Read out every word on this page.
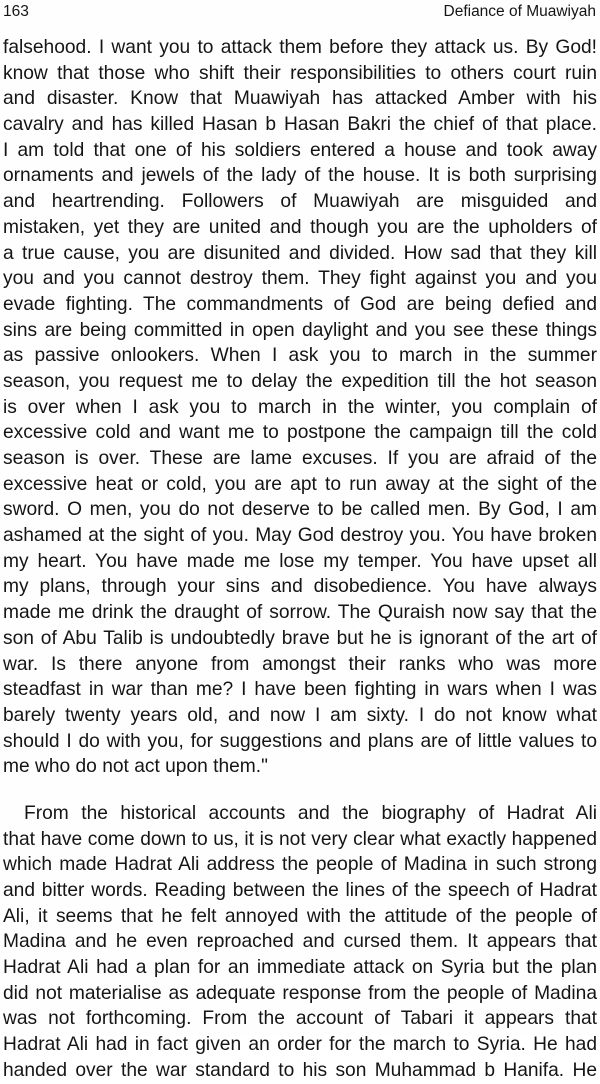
163	Defiance of Muawiyah
falsehood. I want you to attack them before they attack us. By God!
know that those who shift their responsibilities to others court ruin
and disaster. Know that Muawiyah has attacked Amber with his
cavalry and has killed Hasan b Hasan Bakri the chief of that place.
I am told that one of his soldiers entered a house and took away
ornaments and jewels of the lady of the house. It is both surprising
and heartrending. Followers of Muawiyah are misguided and
mistaken, yet they are united and though you are the upholders of
a true cause, you are disunited and divided. How sad that they kill
you and you cannot destroy them. They fight against you and you
evade fighting. The commandments of God are being defied and
sins are being committed in open daylight and you see these things
as passive onlookers. When I ask you to march in the summer
season, you request me to delay the expedition till the hot season
is over when I ask you to march in the winter, you complain of
excessive cold and want me to postpone the campaign till the cold
season is over. These are lame excuses. If you are afraid of the
excessive heat or cold, you are apt to run away at the sight of the
sword. O men, you do not deserve to be called men. By God, I am
ashamed at the sight of you. May God destroy you. You have broken
my heart. You have made me lose my temper. You have upset all
my plans, through your sins and disobedience. You have always
made me drink the draught of sorrow. The Quraish now say that the
son of Abu Talib is undoubtedly brave but he is ignorant of the art of
war. Is there anyone from amongst their ranks who was more
steadfast in war than me? I have been fighting in wars when I was
barely twenty years old, and now I am sixty. I do not know what
should I do with you, for suggestions and plans are of little values to
me who do not act upon them."
From the historical accounts and the biography of Hadrat Ali
that have come down to us, it is not very clear what exactly happened
which made Hadrat Ali address the people of Madina in such strong
and bitter words. Reading between the lines of the speech of Hadrat
Ali, it seems that he felt annoyed with the attitude of the people of
Madina and he even reproached and cursed them. It appears that
Hadrat Ali had a plan for an immediate attack on Syria but the plan
did not materialise as adequate response from the people of Madina
was not forthcoming. From the account of Tabari it appears that
Hadrat Ali had in fact given an order for the march to Syria. He had
handed over the war standard to his son Muhammad b Hanifa. He
